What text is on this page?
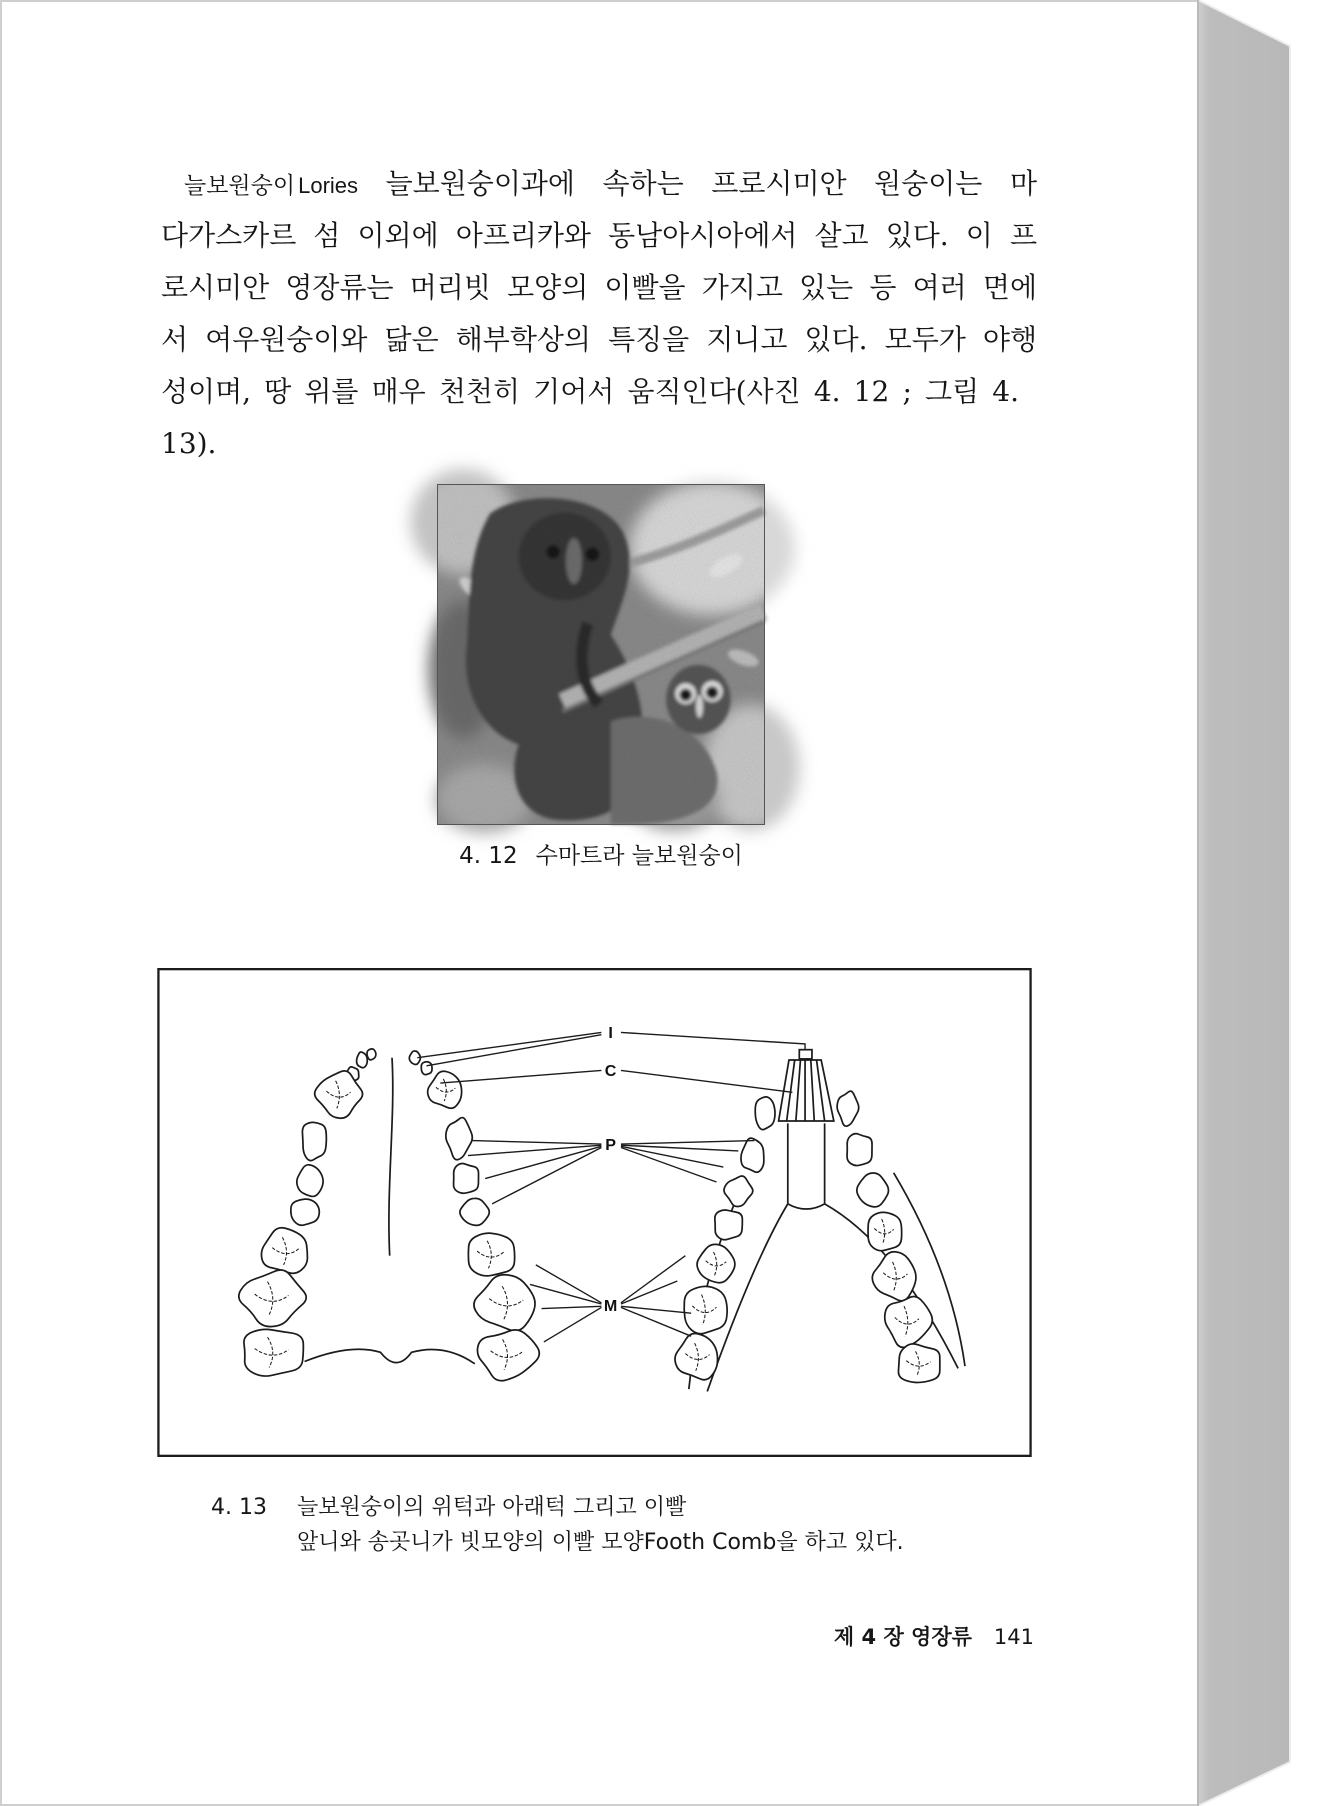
늘보원숭이 Lories 늘보원숭이과에 속하는 프로시미안 원숭이는 마
다가스카르 섬 이외에 아프리카와 동남아시아에서 살고 있다. 이 프
로시미안 영장류는 머리빗 모양의 이빨을 가지고 있는 등 여러 면에
서 여우원숭이와 닮은 해부학상의 특징을 지니고 있다. 모두가 야행
성이며, 땅 위를 매우 천천히 기어서 움직인다(사진 4. 12 ; 그림 4. 13).
4. 12 수마트라 늘보원숭이
I
C
P
M
4. 13 늘보원숭이의 위턱과 아래턱 그리고 이빨
앞니와 송곳니가 빗모양의 이빨 모양Footh Comb을 하고 있다.
제 4 장 영장류 141
